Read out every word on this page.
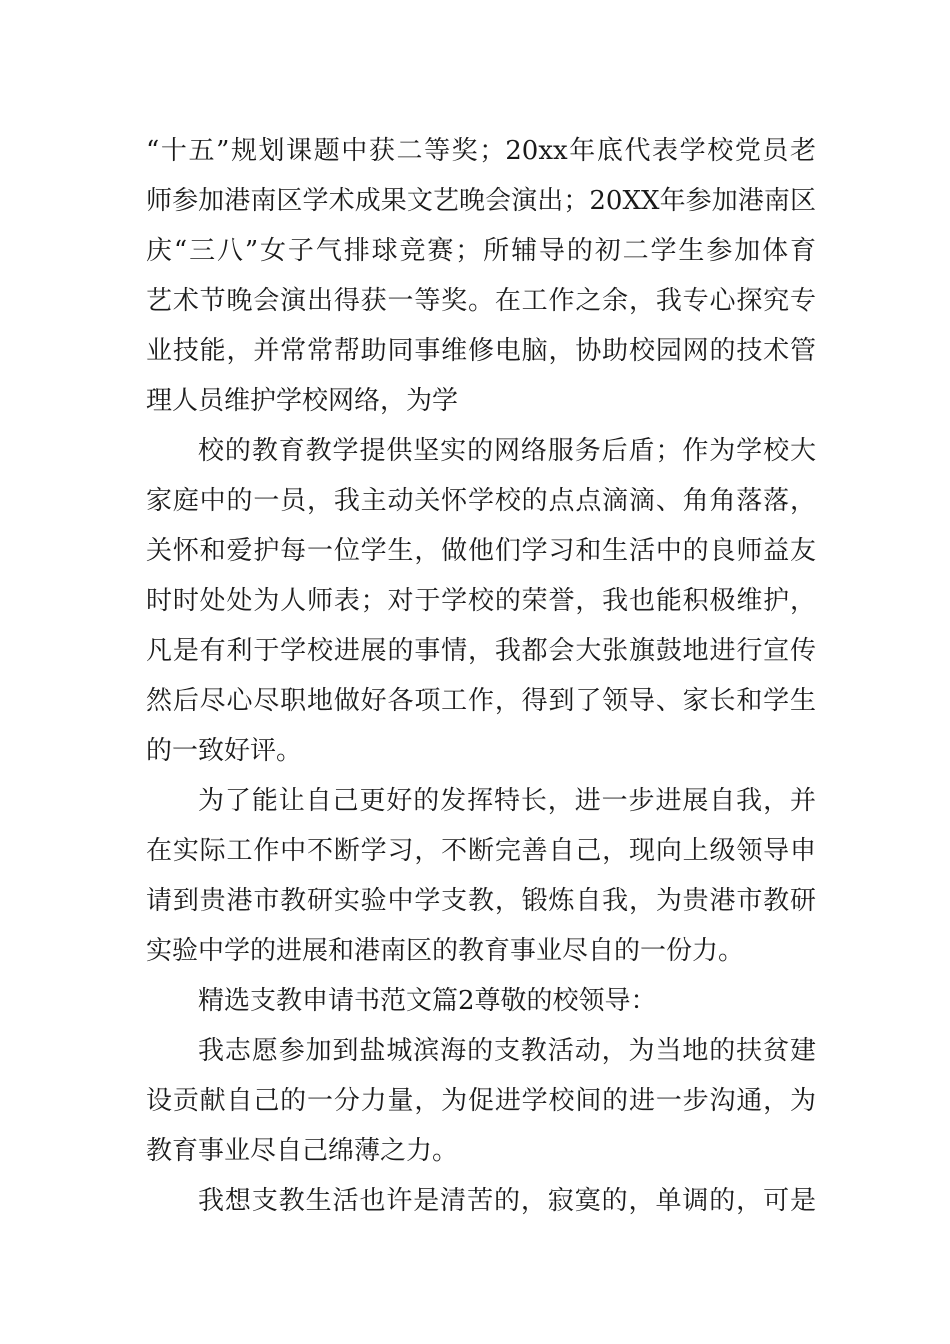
“十五”规划课题中获二等奖；20xx年底代表学校党员老
师参加港南区学术成果文艺晚会演出；20XX年参加港南区
庆“三八”女子气排球竞赛；所辅导的初二学生参加体育
艺术节晚会演出得获一等奖。在工作之余，我专心探究专
业技能，并常常帮助同事维修电脑，协助校园网的技术管
理人员维护学校网络，为学
校的教育教学提供坚实的网络服务后盾；作为学校大
家庭中的一员，我主动关怀学校的点点滴滴、角角落落，
关怀和爱护每一位学生，做他们学习和生活中的良师益友
时时处处为人师表；对于学校的荣誉，我也能积极维护，
凡是有利于学校进展的事情，我都会大张旗鼓地进行宣传
然后尽心尽职地做好各项工作，得到了领导、家长和学生
的一致好评。
为了能让自己更好的发挥特长，进一步进展自我，并
在实际工作中不断学习，不断完善自己，现向上级领导申
请到贵港市教研实验中学支教，锻炼自我，为贵港市教研
实验中学的进展和港南区的教育事业尽自的一份力。
精选支教申请书范文篇2尊敬的校领导：
我志愿参加到盐城滨海的支教活动，为当地的扶贫建
设贡献自己的一分力量，为促进学校间的进一步沟通，为
教育事业尽自己绵薄之力。
我想支教生活也许是清苦的，寂寞的，单调的，可是
